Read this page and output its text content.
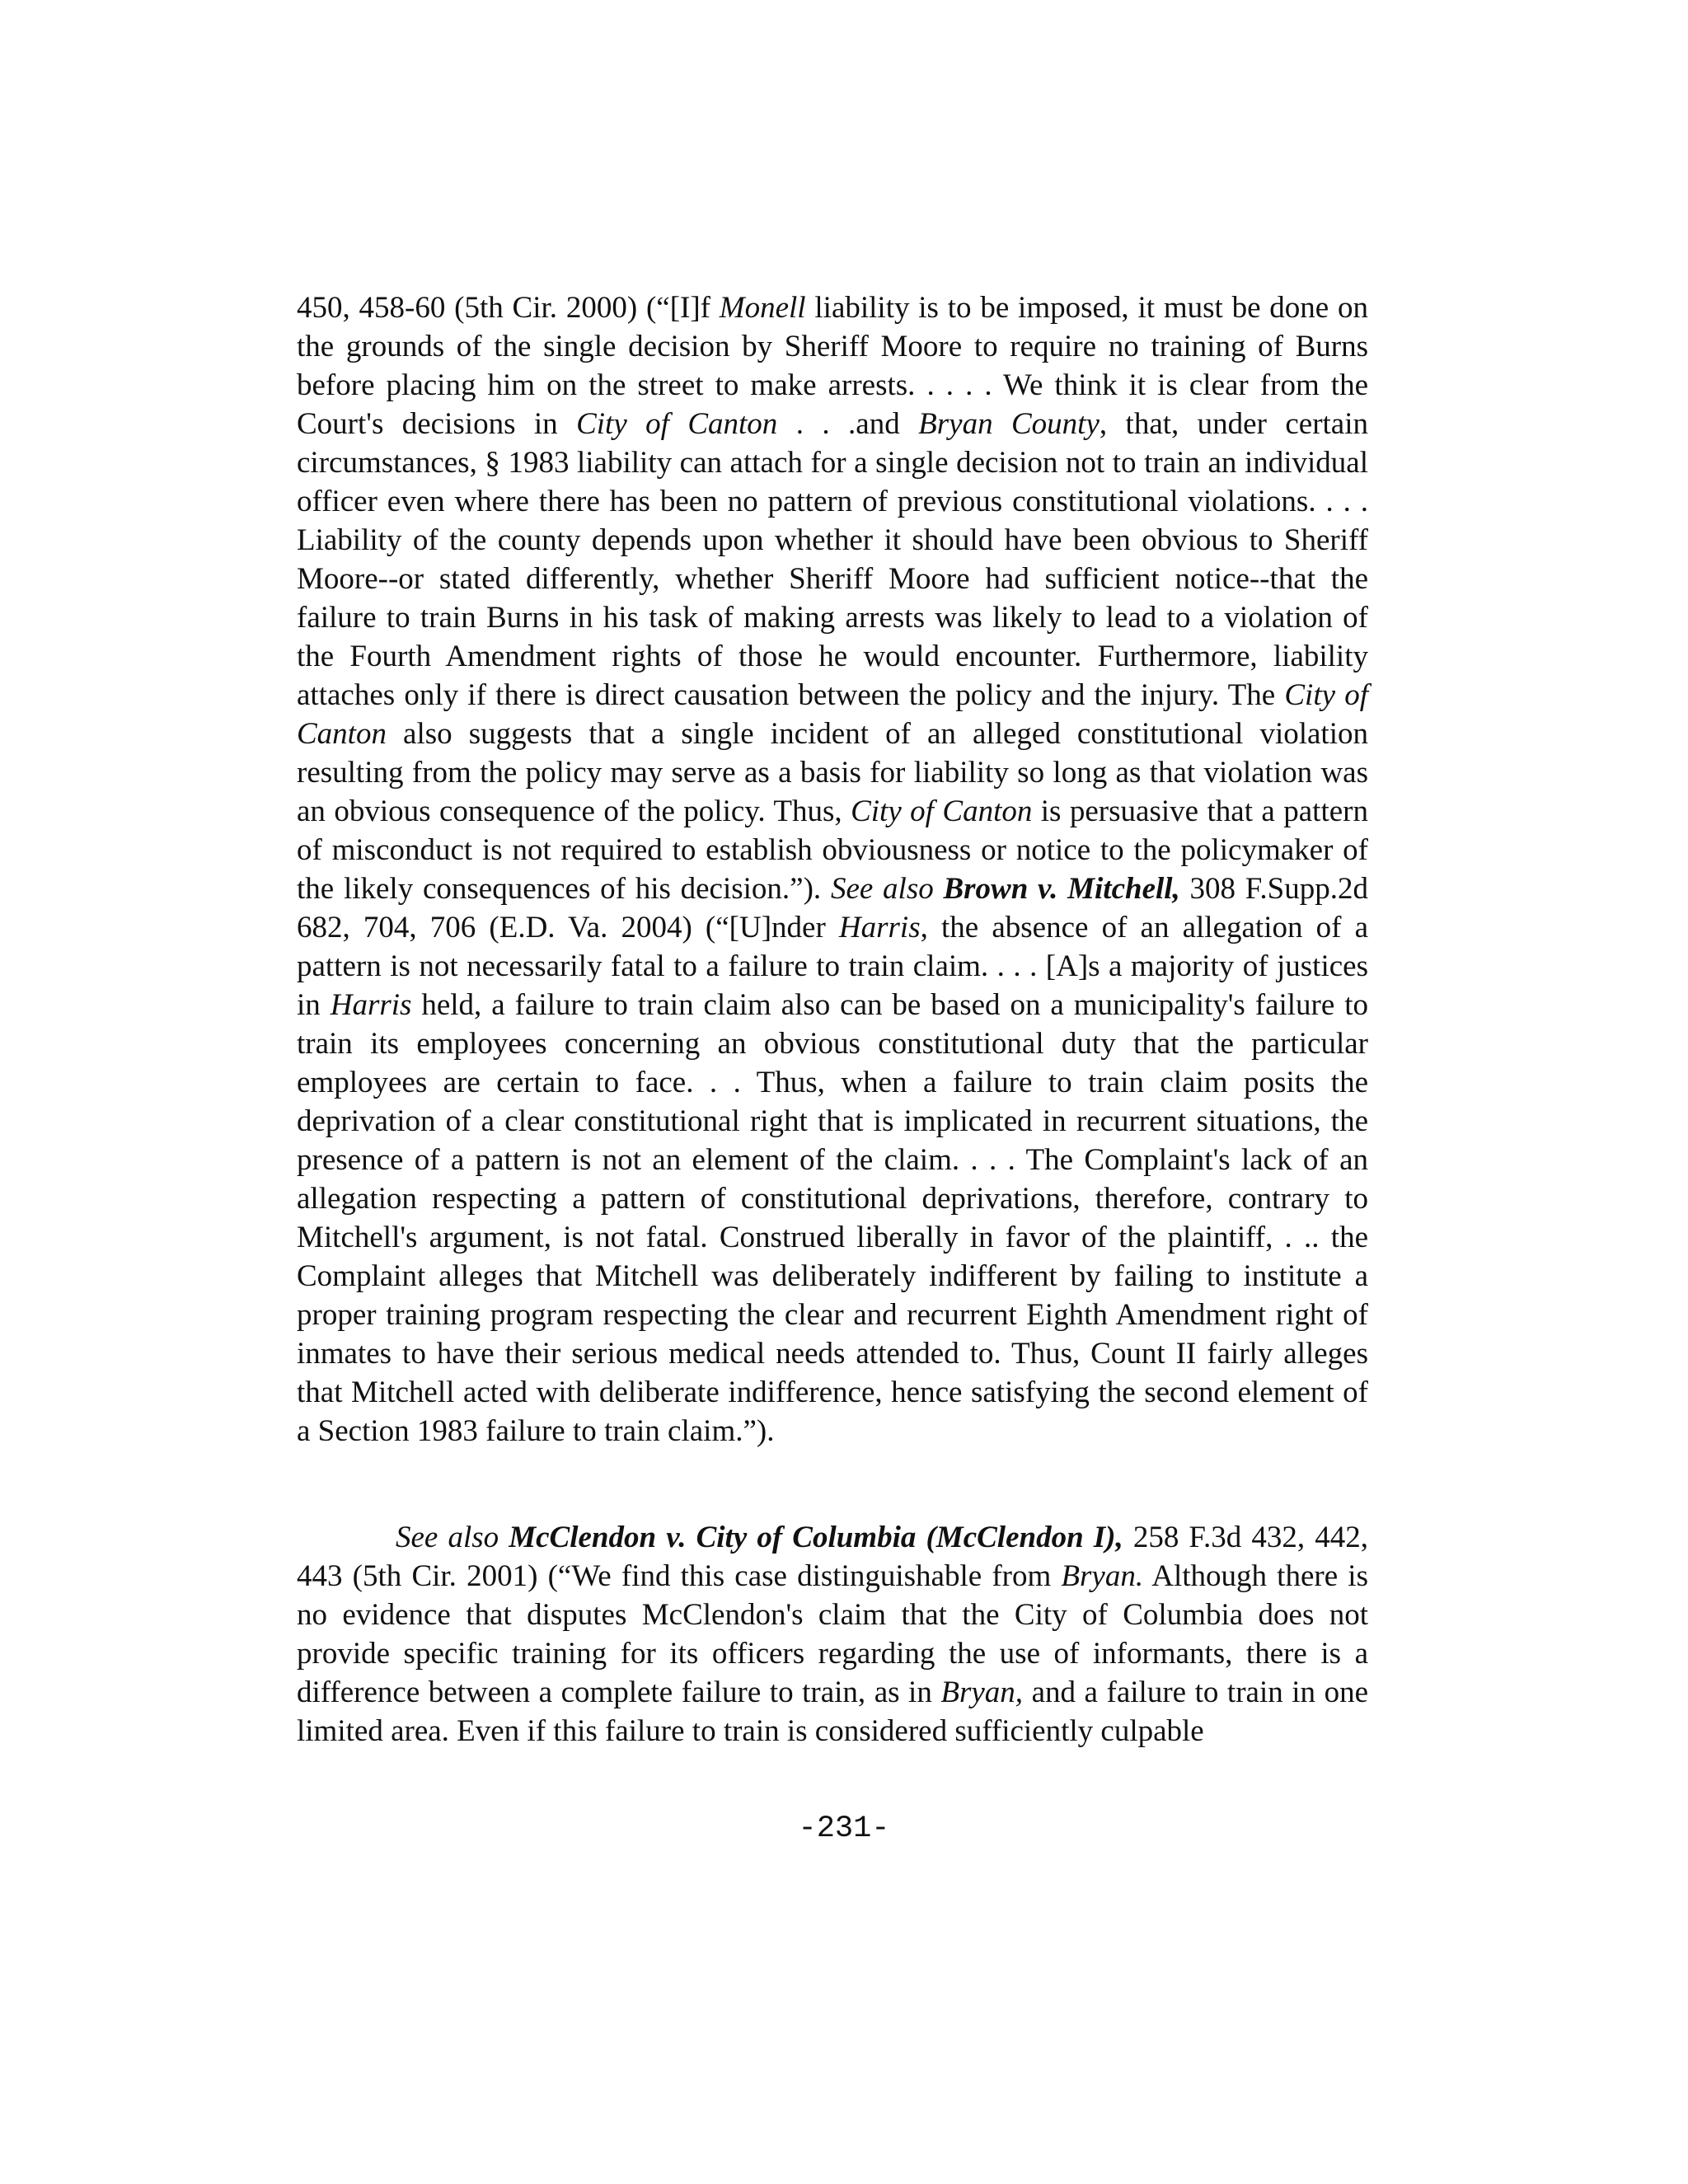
450, 458-60 (5th Cir. 2000) (“[I]f Monell liability is to be imposed, it must be done on the grounds of the single decision by Sheriff Moore to require no training of Burns before placing him on the street to make arrests. . . . . We think it is clear from the Court's decisions in City of Canton . . .and Bryan County, that, under certain circumstances, § 1983 liability can attach for a single decision not to train an individual officer even where there has been no pattern of previous constitutional violations. . . . Liability of the county depends upon whether it should have been obvious to Sheriff Moore--or stated differently, whether Sheriff Moore had sufficient notice--that the failure to train Burns in his task of making arrests was likely to lead to a violation of the Fourth Amendment rights of those he would encounter. Furthermore, liability attaches only if there is direct causation between the policy and the injury. The City of Canton also suggests that a single incident of an alleged constitutional violation resulting from the policy may serve as a basis for liability so long as that violation was an obvious consequence of the policy. Thus, City of Canton is persuasive that a pattern of misconduct is not required to establish obviousness or notice to the policymaker of the likely consequences of his decision.”). See also Brown v. Mitchell, 308 F.Supp.2d 682, 704, 706 (E.D. Va. 2004) (“[U]nder Harris, the absence of an allegation of a pattern is not necessarily fatal to a failure to train claim. . . . [A]s a majority of justices in Harris held, a failure to train claim also can be based on a municipality's failure to train its employees concerning an obvious constitutional duty that the particular employees are certain to face. . . Thus, when a failure to train claim posits the deprivation of a clear constitutional right that is implicated in recurrent situations, the presence of a pattern is not an element of the claim. . . . The Complaint's lack of an allegation respecting a pattern of constitutional deprivations, therefore, contrary to Mitchell's argument, is not fatal. Construed liberally in favor of the plaintiff, . .. the Complaint alleges that Mitchell was deliberately indifferent by failing to institute a proper training program respecting the clear and recurrent Eighth Amendment right of inmates to have their serious medical needs attended to. Thus, Count II fairly alleges that Mitchell acted with deliberate indifference, hence satisfying the second element of a Section 1983 failure to train claim.”).

See also McClendon v. City of Columbia (McClendon I), 258 F.3d 432, 442, 443 (5th Cir. 2001) (“We find this case distinguishable from Bryan. Although there is no evidence that disputes McClendon's claim that the City of Columbia does not provide specific training for its officers regarding the use of informants, there is a difference between a complete failure to train, as in Bryan, and a failure to train in one limited area. Even if this failure to train is considered sufficiently culpable

-231-
